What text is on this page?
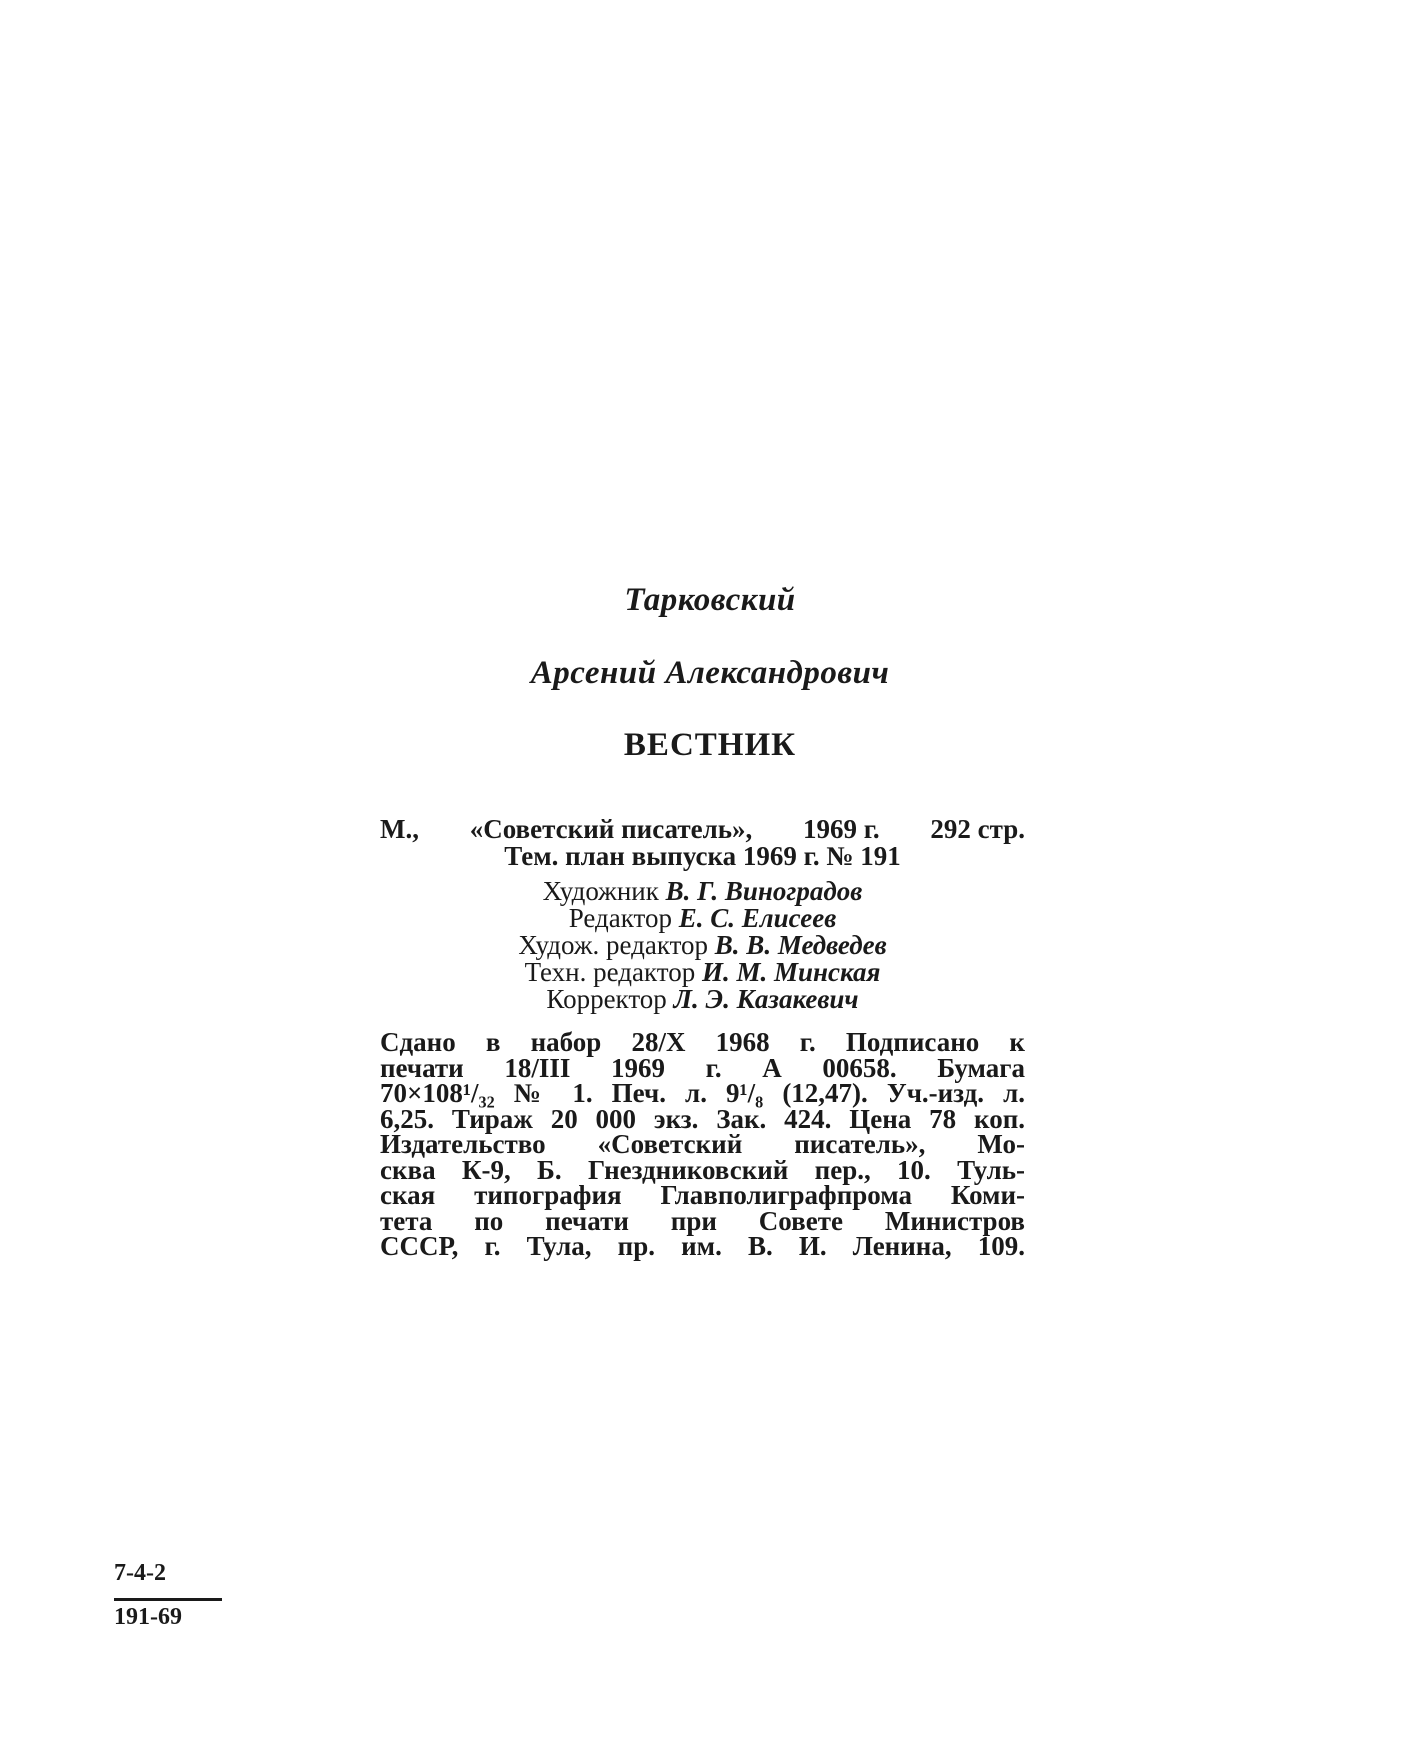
Тарковский
Арсений Александрович
ВЕСТНИК
М., «Советский писатель», 1969 г. 292 стр.
Тем. план выпуска 1969 г. № 191
Художник В. Г. Виноградов
Редактор Е. С. Елисеев
Худож. редактор В. В. Медведев
Техн. редактор И. М. Минская
Корректор Л. Э. Казакевич
Сдано в набор 28/X 1968 г. Подписано к
печати 18/III 1969 г. А 00658. Бумага
70×108¹/₃₂ № 1. Печ. л. 9¹/₈ (12,47). Уч.-изд. л.
6,25. Тираж 20 000 экз. Зак. 424. Цена 78 коп.
Издательство «Советский писатель», Мо-
сква К-9, Б. Гнездниковский пер., 10. Туль-
ская типография Главполиграфпрома Коми-
тета по печати при Совете Министров
СССР, г. Тула, пр. им. В. И. Ленина, 109.
7-4-2
191-69
